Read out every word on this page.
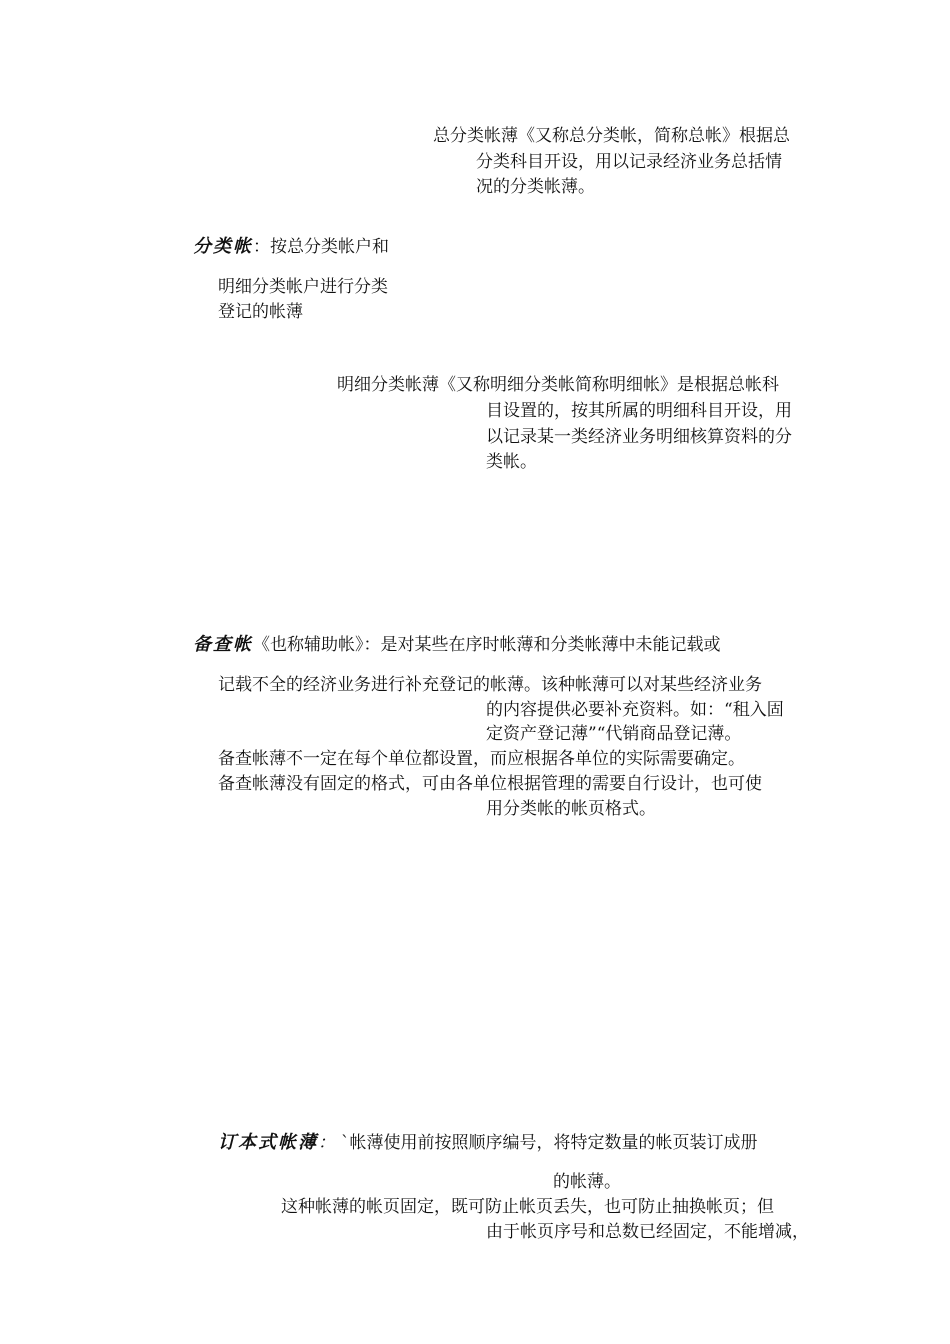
总分类帐薄《又称总分类帐，简称总帐》根据总
分类科目开设，用以记录经济业务总括情
况的分类帐薄。
分类帐：按总分类帐户和
明细分类帐户进行分类
登记的帐薄
明细分类帐薄《又称明细分类帐简称明细帐》是根据总帐科
目设置的，按其所属的明细科目开设，用
以记录某一类经济业务明细核算资料的分
类帐。
备查帐《也称辅助帐》：是对某些在序时帐薄和分类帐薄中未能记载或
记载不全的经济业务进行补充登记的帐薄。该种帐薄可以对某些经济业务
的内容提供必要补充资料。如：“租入固
定资产登记薄”“代销商品登记薄。
备查帐薄不一定在每个单位都设置，而应根据各单位的实际需要确定。
备查帐薄没有固定的格式，可由各单位根据管理的需要自行设计，也可使
用分类帐的帐页格式。
订本式帐薄： `帐薄使用前按照顺序编号，将特定数量的帐页装订成册
的帐薄。
这种帐薄的帐页固定，既可防止帐页丢失，也可防止抽换帐页；但
由于帐页序号和总数已经固定，不能增减，
